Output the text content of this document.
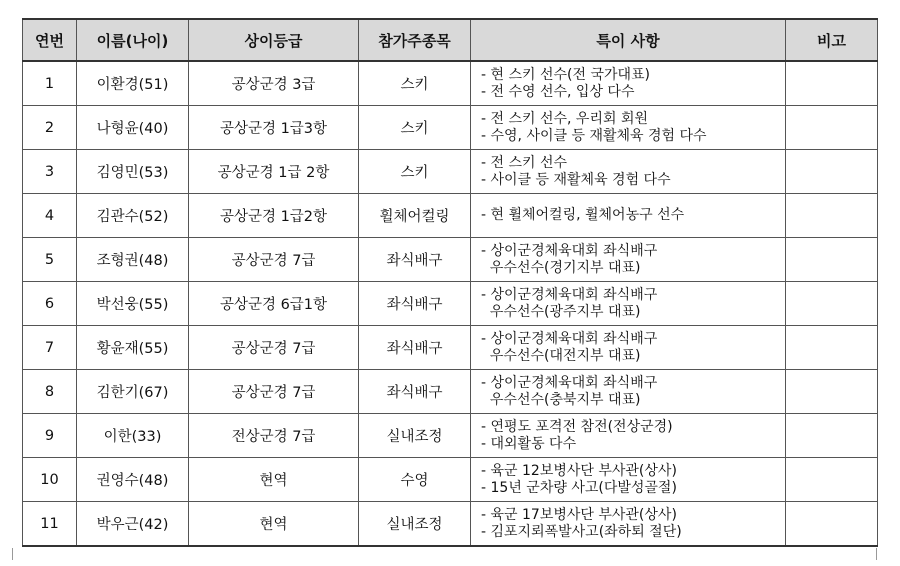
연번	이름(나이)	상이등급	참가주종목	특이 사항	비고
1	이환경(51)	공상군경 3급	스키	- 현 스키 선수(전 국가대표)
- 전 수영 선수, 입상 다수	

2	나형윤(40)	공상군경 1급3항	스키	- 전 스키 선수, 우리회 회원
- 수영, 사이클 등 재활체육 경험 다수	

3	김영민(53)	공상군경 1급 2항	스키	- 전 스키 선수
- 사이클 등 재활체육 경험 다수	

4	김관수(52)	공상군경 1급2항	휠체어컬링	- 현 휠체어컬링, 휠체어농구 선수	

5	조형권(48)	공상군경 7급	좌식배구	- 상이군경체육대회 좌식배구
우수선수(경기지부 대표)	

6	박선웅(55)	공상군경 6급1항	좌식배구	- 상이군경체육대회 좌식배구
우수선수(광주지부 대표)	

7	황윤재(55)	공상군경 7급	좌식배구	- 상이군경체육대회 좌식배구
우수선수(대전지부 대표)	

8	김한기(67)	공상군경 7급	좌식배구	- 상이군경체육대회 좌식배구
우수선수(충북지부 대표)	

9	이한(33)	전상군경 7급	실내조정	- 연평도 포격전 참전(전상군경)
- 대외활동 다수	

10	권영수(48)	현역	수영	- 육군 12보병사단 부사관(상사)
- 15년 군차량 사고(다발성골절)	

11	박우근(42)	현역	실내조정	- 육군 17보병사단 부사관(상사)
- 김포지뢰폭발사고(좌하퇴 절단)	
